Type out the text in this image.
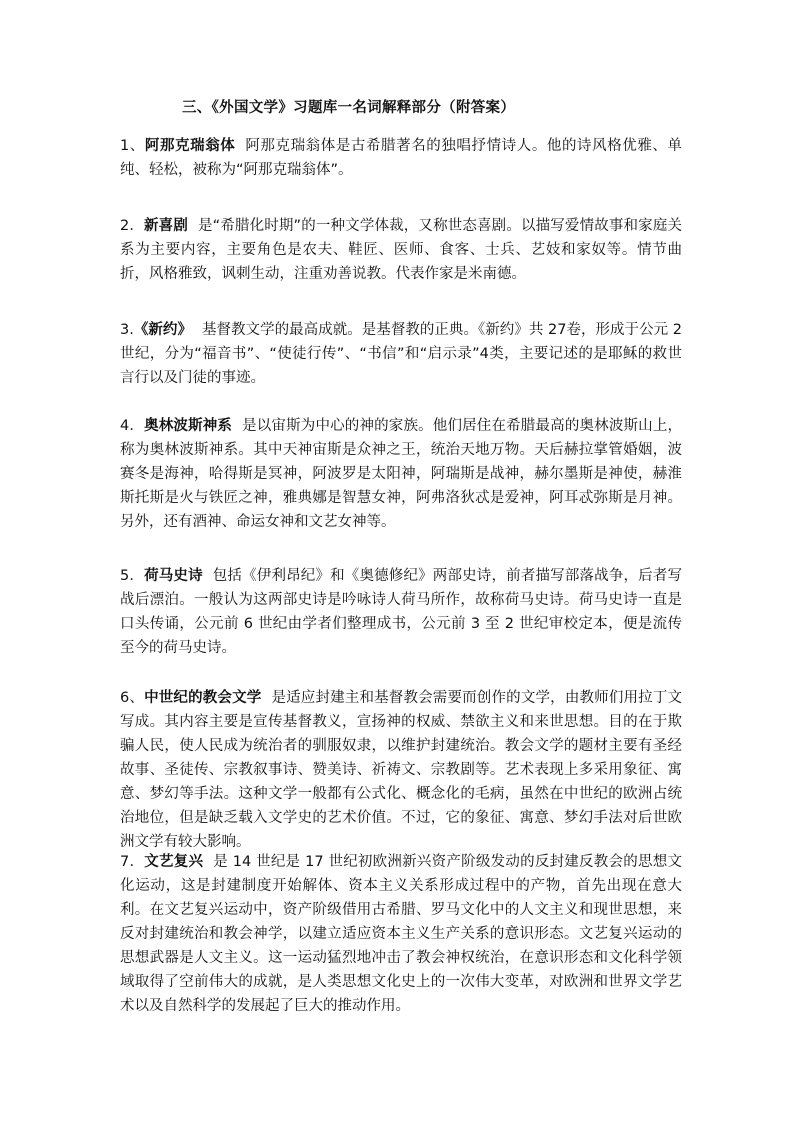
三、《外国文学》习题库一名词解释部分（附答案）
1、阿那克瑞翁体 阿那克瑞翁体是古希腊著名的独唱抒情诗人。他的诗风格优雅、单纯、轻松，被称为“阿那克瑞翁体”。
2．新喜剧 是“希腊化时期”的一种文学体裁，又称世态喜剧。以描写爱情故事和家庭关系为主要内容，主要角色是农夫、鞋匠、医师、食客、士兵、艺妓和家奴等。情节曲折，风格雅致，讽刺生动，注重劝善说教。代表作家是米南德。
3.《新约》 基督教文学的最高成就。是基督教的正典。《新约》共 27卷，形成于公元 2世纪，分为“福音书”、“使徒行传”、“书信”和“启示录”4类，主要记述的是耶稣的救世言行以及门徒的事迹。
4．奥林波斯神系 是以宙斯为中心的神的家族。他们居住在希腊最高的奥林波斯山上，称为奥林波斯神系。其中天神宙斯是众神之王，统治天地万物。天后赫拉掌管婚姻，波赛冬是海神，哈得斯是冥神，阿波罗是太阳神，阿瑞斯是战神，赫尔墨斯是神使，赫淮斯托斯是火与铁匠之神，雅典娜是智慧女神，阿弗洛狄忒是爱神，阿耳忒弥斯是月神。另外，还有酒神、命运女神和文艺女神等。
5．荷马史诗 包括《伊利昂纪》和《奥德修纪》两部史诗，前者描写部落战争，后者写战后漂泊。一般认为这两部史诗是吟咏诗人荷马所作，故称荷马史诗。荷马史诗一直是口头传诵，公元前 6 世纪由学者们整理成书，公元前 3 至 2 世纪审校定本，便是流传至今的荷马史诗。
6、中世纪的教会文学 是适应封建主和基督教会需要而创作的文学，由教师们用拉丁文写成。其内容主要是宣传基督教义，宣扬神的权威、禁欲主义和来世思想。目的在于欺骗人民，使人民成为统治者的驯服奴隶，以维护封建统治。教会文学的题材主要有圣经故事、圣徒传、宗教叙事诗、赞美诗、祈祷文、宗教剧等。艺术表现上多采用象征、寓意、梦幻等手法。这种文学一般都有公式化、概念化的毛病，虽然在中世纪的欧洲占统治地位，但是缺乏载入文学史的艺术价值。不过，它的象征、寓意、梦幻手法对后世欧洲文学有较大影响。
7．文艺复兴 是 14 世纪是 17 世纪初欧洲新兴资产阶级发动的反封建反教会的思想文化运动，这是封建制度开始解体、资本主义关系形成过程中的产物，首先出现在意大利。在文艺复兴运动中，资产阶级借用古希腊、罗马文化中的人文主义和现世思想，来反对封建统治和教会神学，以建立适应资本主义生产关系的意识形态。文艺复兴运动的思想武器是人文主义。这一运动猛烈地冲击了教会神权统治，在意识形态和文化科学领域取得了空前伟大的成就，是人类思想文化史上的一次伟大变革，对欧洲和世界文学艺术以及自然科学的发展起了巨大的推动作用。
